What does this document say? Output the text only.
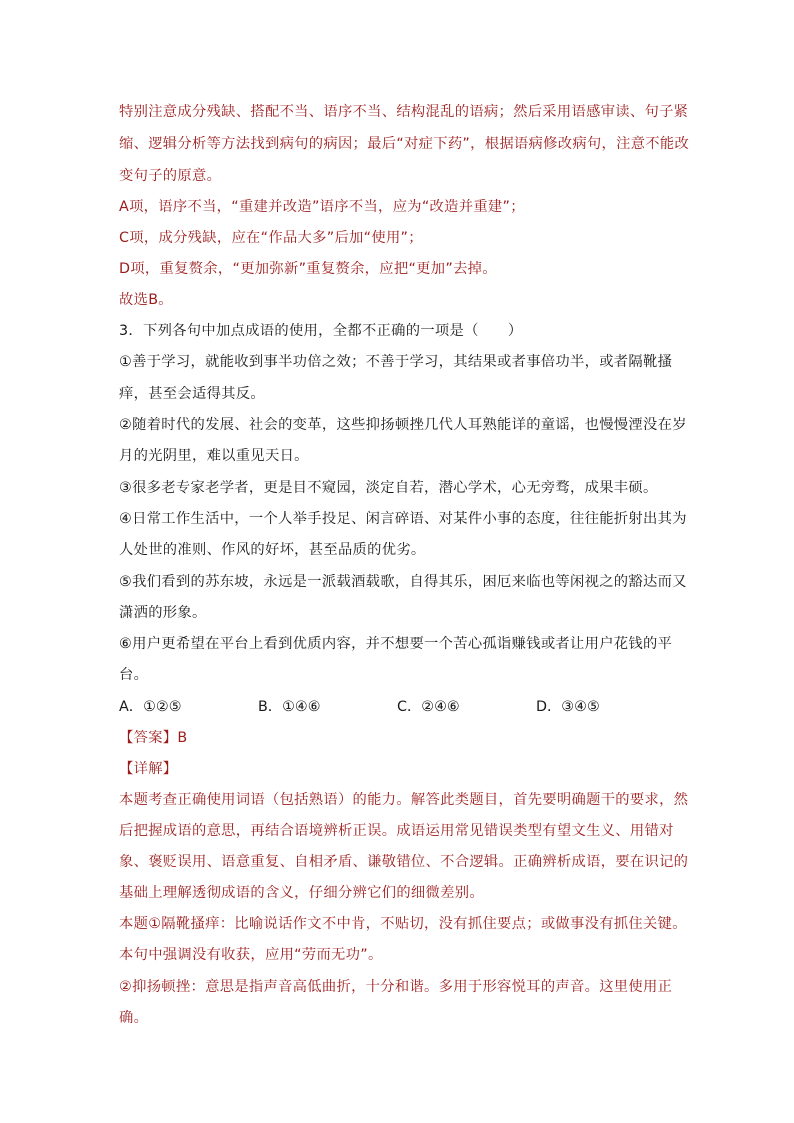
特别注意成分残缺、搭配不当、语序不当、结构混乱的语病；然后采用语感审读、句子紧
缩、逻辑分析等方法找到病句的病因；最后“对症下药”，根据语病修改病句，注意不能改
变句子的原意。
A项，语序不当，“重建并改造”语序不当，应为“改造并重建”；
C项，成分残缺，应在“作品大多”后加“使用”；
D项，重复赘余，“更加弥新”重复赘余，应把“更加”去掉。
故选B。
3．下列各句中加点成语的使用，全都不正确的一项是（　　）
①善于学习，就能收到事半功倍之效；不善于学习，其结果或者事倍功半，或者隔靴搔
痒，甚至会适得其反。
②随着时代的发展、社会的变革，这些抑扬顿挫几代人耳熟能详的童谣，也慢慢湮没在岁
月的光阴里，难以重见天日。
③很多老专家老学者，更是目不窥园，淡定自若，潜心学术，心无旁骛，成果丰硕。
④日常工作生活中，一个人举手投足、闲言碎语、对某件小事的态度，往往能折射出其为
人处世的准则、作风的好坏，甚至品质的优劣。
⑤我们看到的苏东坡，永远是一派载酒载歌，自得其乐，困厄来临也等闲视之的豁达而又
潇洒的形象。
⑥用户更希望在平台上看到优质内容，并不想要一个苦心孤诣赚钱或者让用户花钱的平
台。
A．①②⑤	B．①④⑥	C．②④⑥	D．③④⑤
【答案】B
【详解】
本题考查正确使用词语（包括熟语）的能力。解答此类题目，首先要明确题干的要求，然
后把握成语的意思，再结合语境辨析正误。成语运用常见错误类型有望文生义、用错对
象、褒贬误用、语意重复、自相矛盾、谦敬错位、不合逻辑。正确辨析成语，要在识记的
基础上理解透彻成语的含义，仔细分辨它们的细微差别。
本题①隔靴搔痒：比喻说话作文不中肯，不贴切，没有抓住要点；或做事没有抓住关键。
本句中强调没有收获，应用“劳而无功”。
②抑扬顿挫：意思是指声音高低曲折，十分和谐。多用于形容悦耳的声音。这里使用正
确。
